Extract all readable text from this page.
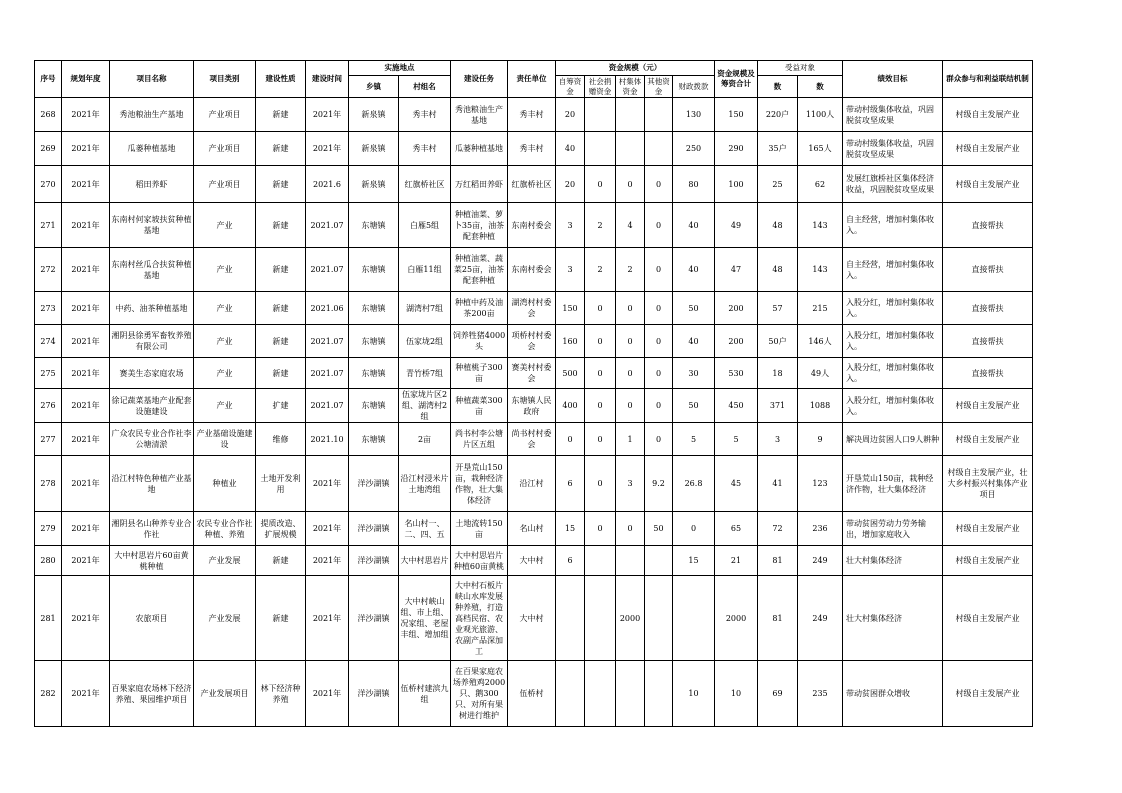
序号	规划年度	项目名称	项目类别	建设性质	建设时间	实施地点		建设任务	责任单位	资金规模（元）					资金规模及筹资合计	受益对象		绩效目标	群众参与和利益联结机制
						乡镇	村组名			自筹资金	社会捐赠资金	村集体资金	其他资金	财政拨款		数	数		
268	2021年	秀池粮油生产基地	产业项目	新建	2021年	新泉镇	秀丰村	秀池粮油生产基地	秀丰村	20				130	150	220户	1100人	带动村级集体收益，巩固脱贫攻坚成果	村级自主发展产业
269	2021年	瓜蒌种植基地	产业项目	新建	2021年	新泉镇	秀丰村	瓜蒌种植基地	秀丰村	40				250	290	35户	165人	带动村级集体收益，巩固脱贫攻坚成果	村级自主发展产业
270	2021年	稻田养虾	产业项目	新建	2021.6	新泉镇	红旗桥社区	万红稻田养虾	红旗桥社区	20	0	0	0	80	100	25	62	发展红旗桥社区集体经济收益，巩固脱贫攻坚成果	村级自主发展产业
271	2021年	东南村何家坡扶贫种植基地	产业	新建	2021.07	东塘镇	白雁5组	种植油菜、萝卜35亩，油茶配套种植	东南村委会	3	2	4	0	40	49	48	143	自主经营，增加村集体收入。	直接帮扶
272	2021年	东南村丝瓜合扶贫种植基地	产业	新建	2021.07	东塘镇	白雁11组	种植油菜、蔬菜25亩，油茶配套种植	东南村委会	3	2	2	0	40	47	48	143	自主经营，增加村集体收入。	直接帮扶
273	2021年	中药、油茶种植基地	产业	新建	2021.06	东塘镇	湖湾村7组	种植中药及油茶200亩	湖湾村村委会	150	0	0	0	50	200	57	215	入股分红，增加村集体收入。	直接帮扶
274	2021年	湘阴县徐勇军畜牧养殖有限公司	产业	新建	2021.07	东塘镇	伍家垅2组	饲养牲猪4000头	项桥村村委会	160	0	0	0	40	200	50户	146人	入股分红，增加村集体收入。	直接帮扶
275	2021年	赛美生态家庭农场	产业	新建	2021.07	东塘镇	青竹桥7组	种植桃子300亩	赛美村村委会	500	0	0	0	30	530	18	49人	入股分红，增加村集体收入。	直接帮扶
276	2021年	徐记蔬菜基地产业配套设施建设	产业	扩建	2021.07	东塘镇	伍家垅片区2组、湖湾村2组	种植蔬菜300亩	东塘镇人民政府	400	0	0	0	50	450	371	1088	入股分红，增加村集体收入。	村级自主发展产业
277	2021年	广众农民专业合作社李公塘清淤	产业基础设施建设	维修	2021.10	东塘镇	2亩	尚书村李公塘片区五组	尚书村村委会	0	0	1	0	5	5	3	9	解决周边贫困人口9人耕种	村级自主发展产业
278	2021年	沿江村特色种植产业基地	种植业	土地开发利用	2021年	洋沙湖镇	沿江村浸米片土地湾组	开垦荒山150亩，栽种经济作物，壮大集体经济	沿江村	6	0	3	9.2	26.8	45	41	123	开垦荒山150亩，栽种经济作物，壮大集体经济	村级自主发展产业，壮大乡村振兴村集体产业项目
279	2021年	湘阴县名山种养专业合作社	农民专业合作社种植、养殖	提质改造、扩展规模	2021年	洋沙湖镇	名山村一、二、四、五	土地流转150亩	名山村	15	0	0	50	0	65	72	236	带动贫困劳动力劳务输出，增加家庭收入	村级自主发展产业
280	2021年	大中村思岩片60亩黄桃种植	产业发展	新建	2021年	洋沙湖镇	大中村思岩片	大中村思岩片种植60亩黄桃	大中村	6				15	21	81	249	壮大村集体经济	村级自主发展产业
281	2021年	农旅项目	产业发展	新建	2021年	洋沙湖镇	大中村峡山组、市上组、况家组、老屋丰组、增加组	大中村石板片峡山水库发展种养殖，打造高档民宿、农业观光旅游、农副产品深加工	大中村			2000			2000	81	249	壮大村集体经济	村级自主发展产业
282	2021年	百果家庭农场林下经济养殖、果园维护项目	产业发展项目	林下经济种养殖	2021年	洋沙湖镇	伍桥村建滨九组	在百果家庭农场养殖鸡2000只、鹅300只、对所有果树进行维护	伍桥村					10	10	69	235	带动贫困群众增收	村级自主发展产业
